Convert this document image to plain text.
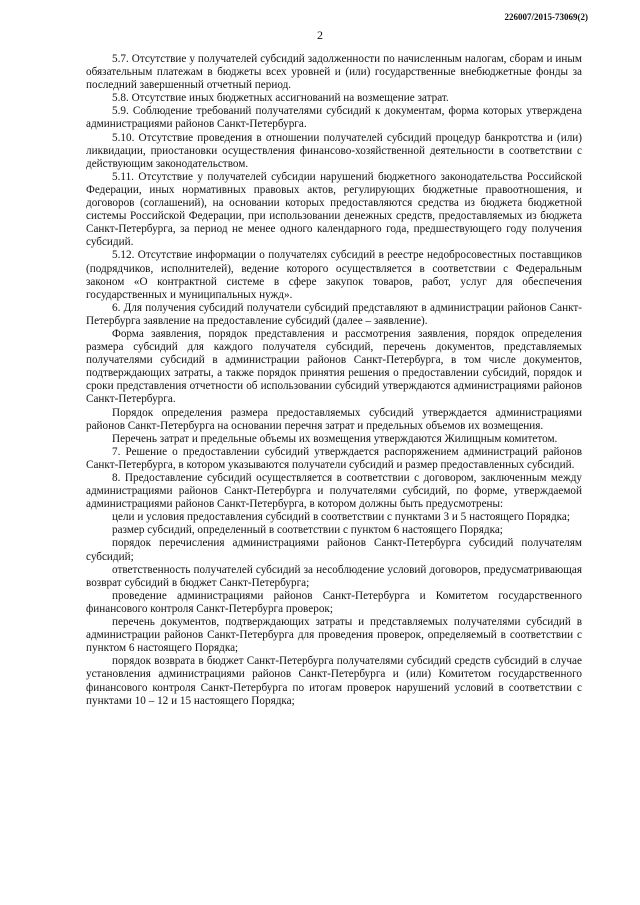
226007/2015-73069(2)
2

5.7. Отсутствие у получателей субсидий задолженности по начисленным налогам, сборам и иным обязательным платежам в бюджеты всех уровней и (или) государственные внебюджетные фонды за последний завершенный отчетный период.

5.8. Отсутствие иных бюджетных ассигнований на возмещение затрат.

5.9. Соблюдение требований получателями субсидий к документам, форма которых утверждена администрациями районов Санкт-Петербурга.

5.10. Отсутствие проведения в отношении получателей субсидий процедур банкротства и (или) ликвидации, приостановки осуществления финансово-хозяйственной деятельности в соответствии с действующим законодательством.

5.11. Отсутствие у получателей субсидии нарушений бюджетного законодательства Российской Федерации, иных нормативных правовых актов, регулирующих бюджетные правоотношения, и договоров (соглашений), на основании которых предоставляются средства из бюджета бюджетной системы Российской Федерации, при использовании денежных средств, предоставляемых из бюджета Санкт-Петербурга, за период не менее одного календарного года, предшествующего году получения субсидий.

5.12. Отсутствие информации о получателях субсидий в реестре недобросовестных поставщиков (подрядчиков, исполнителей), ведение которого осуществляется в соответствии с Федеральным законом «О контрактной системе в сфере закупок товаров, работ, услуг для обеспечения государственных и муниципальных нужд».

6. Для получения субсидий получатели субсидий представляют в администрации районов Санкт-Петербурга заявление на предоставление субсидий (далее – заявление).

Форма заявления, порядок представления и рассмотрения заявления, порядок определения размера субсидий для каждого получателя субсидий, перечень документов, представляемых получателями субсидий в администрации районов Санкт-Петербурга, в том числе документов, подтверждающих затраты, а также порядок принятия решения о предоставлении субсидий, порядок и сроки представления отчетности об использовании субсидий утверждаются администрациями районов Санкт-Петербурга.

Порядок определения размера предоставляемых субсидий утверждается администрациями районов Санкт-Петербурга на основании перечня затрат и предельных объемов их возмещения.

Перечень затрат и предельные объемы их возмещения утверждаются Жилищным комитетом.

7. Решение о предоставлении субсидий утверждается распоряжением администраций районов Санкт-Петербурга, в котором указываются получатели субсидий и размер предоставленных субсидий.

8. Предоставление субсидий осуществляется в соответствии с договором, заключенным между администрациями районов Санкт-Петербурга и получателями субсидий, по форме, утверждаемой администрациями районов Санкт-Петербурга, в котором должны быть предусмотрены:

цели и условия предоставления субсидий в соответствии с пунктами 3 и 5 настоящего Порядка;

размер субсидий, определенный в соответствии с пунктом 6 настоящего Порядка;

порядок перечисления администрациями районов Санкт-Петербурга субсидий получателям субсидий;

ответственность получателей субсидий за несоблюдение условий договоров, предусматривающая возврат субсидий в бюджет Санкт-Петербурга;

проведение администрациями районов Санкт-Петербурга и Комитетом государственного финансового контроля Санкт-Петербурга проверок;

перечень документов, подтверждающих затраты и представляемых получателями субсидий в администрации районов Санкт-Петербурга для проведения проверок, определяемый в соответствии с пунктом 6 настоящего Порядка;

порядок возврата в бюджет Санкт-Петербурга получателями субсидий средств субсидий в случае установления администрациями районов Санкт-Петербурга и (или) Комитетом государственного финансового контроля Санкт-Петербурга по итогам проверок нарушений условий в соответствии с пунктами 10 – 12 и 15 настоящего Порядка;
